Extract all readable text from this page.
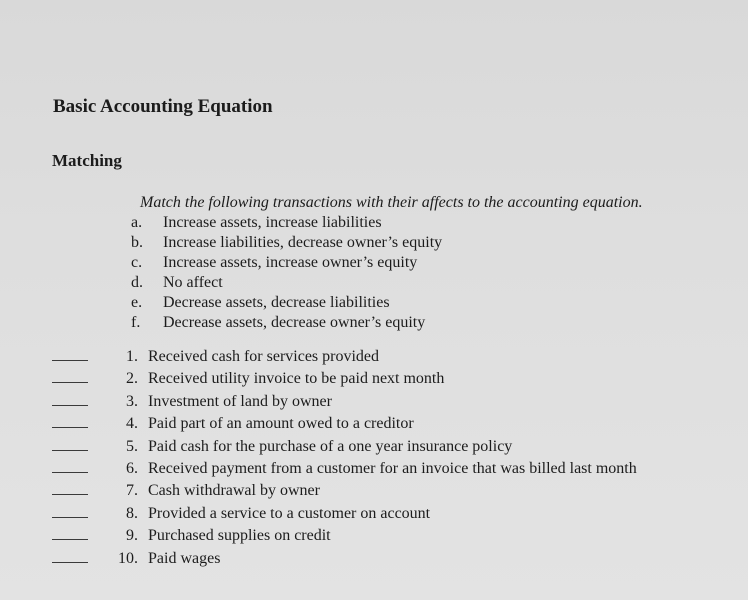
Basic Accounting Equation
Matching
Match the following transactions with their affects to the accounting equation.
a.	Increase assets, increase liabilities
b.	Increase liabilities, decrease owner’s equity
c.	Increase assets, increase owner’s equity
d.	No affect
e.	Decrease assets, decrease liabilities
f.	Decrease assets, decrease owner’s equity
1. Received cash for services provided
2. Received utility invoice to be paid next month
3. Investment of land by owner
4. Paid part of an amount owed to a creditor
5. Paid cash for the purchase of a one year insurance policy
6. Received payment from a customer for an invoice that was billed last month
7. Cash withdrawal by owner
8. Provided a service to a customer on account
9. Purchased supplies on credit
10. Paid wages
